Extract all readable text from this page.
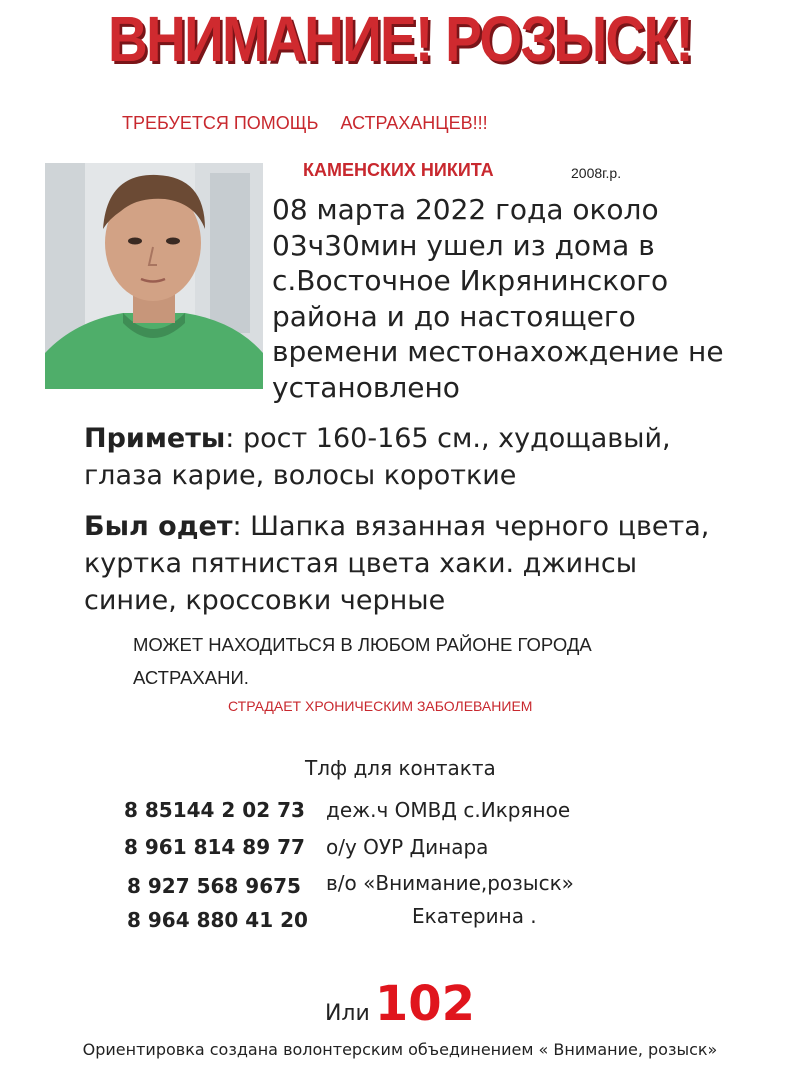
ВНИМАНИЕ! РОЗЫСК!
ТРЕБУЕТСЯ ПОМОЩЬ АСТРАХАНЦЕВ!!!
КАМЕНСКИХ НИКИТА	2008г.р.
08 марта 2022 года около
03ч30мин ушел из дома в
с.Восточное Икрянинского
района и до настоящего
времени местонахождение не
установлено
Приметы: рост 160-165 см., худощавый,
глаза карие, волосы короткие
Был одет: Шапка вязанная черного цвета,
куртка пятнистая цвета хаки. джинсы
синие, кроссовки черные
МОЖЕТ НАХОДИТЬСЯ В ЛЮБОМ РАЙОНЕ ГОРОДА
АСТРАХАНИ.
СТРАДАЕТ ХРОНИЧЕСКИМ ЗАБОЛЕВАНИЕМ
Тлф для контакта
8 85144 2 02 73 деж.ч ОМВД с.Икряное
8 961 814 89 77 о/у ОУР Динара
8 927 568 9675 в/о «Внимание,розыск»
8 964 880 41 20	Екатерина .
Или 102
Ориентировка создана волонтерским объединением « Внимание, розыск»
